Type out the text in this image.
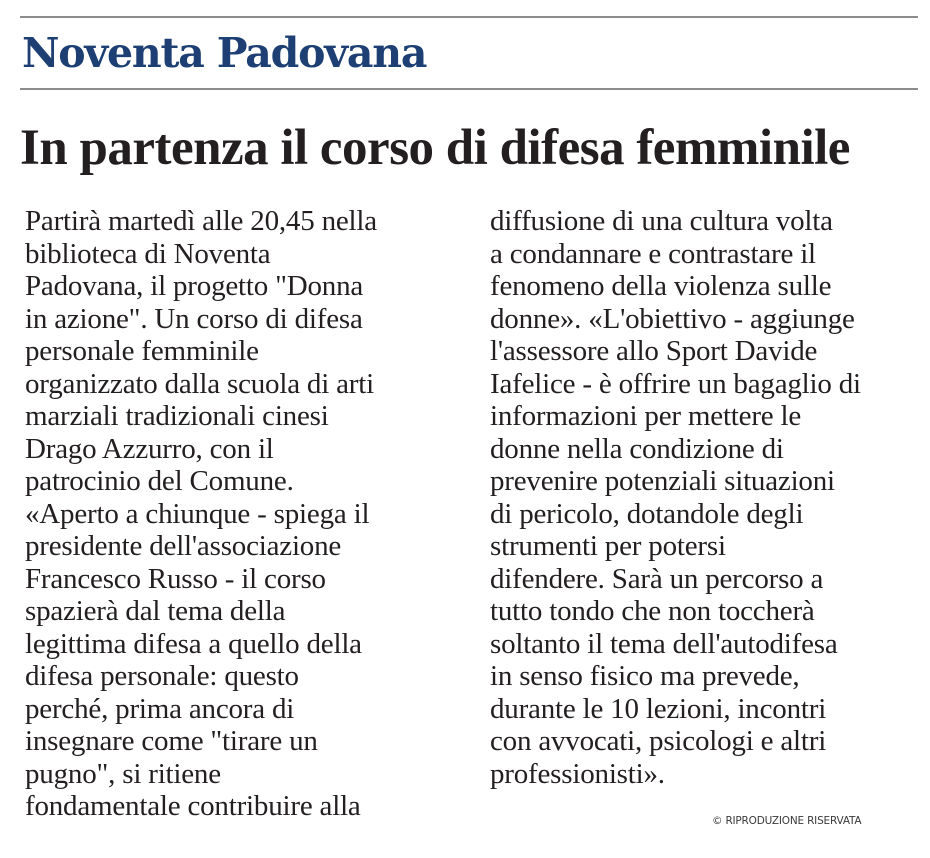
Noventa Padovana
In partenza il corso di difesa femminile
Partirà martedì alle 20,45 nella
biblioteca di Noventa
Padovana, il progetto "Donna
in azione". Un corso di difesa
personale femminile
organizzato dalla scuola di arti
marziali tradizionali cinesi
Drago Azzurro, con il
patrocinio del Comune.
«Aperto a chiunque - spiega il
presidente dell'associazione
Francesco Russo - il corso
spazierà dal tema della
legittima difesa a quello della
difesa personale: questo
perché, prima ancora di
insegnare come "tirare un
pugno", si ritiene
fondamentale contribuire alla
diffusione di una cultura volta
a condannare e contrastare il
fenomeno della violenza sulle
donne». «L'obiettivo - aggiunge
l'assessore allo Sport Davide
Iafelice - è offrire un bagaglio di
informazioni per mettere le
donne nella condizione di
prevenire potenziali situazioni
di pericolo, dotandole degli
strumenti per potersi
difendere. Sarà un percorso a
tutto tondo che non toccherà
soltanto il tema dell'autodifesa
in senso fisico ma prevede,
durante le 10 lezioni, incontri
con avvocati, psicologi e altri
professionisti».
© RIPRODUZIONE RISERVATA
